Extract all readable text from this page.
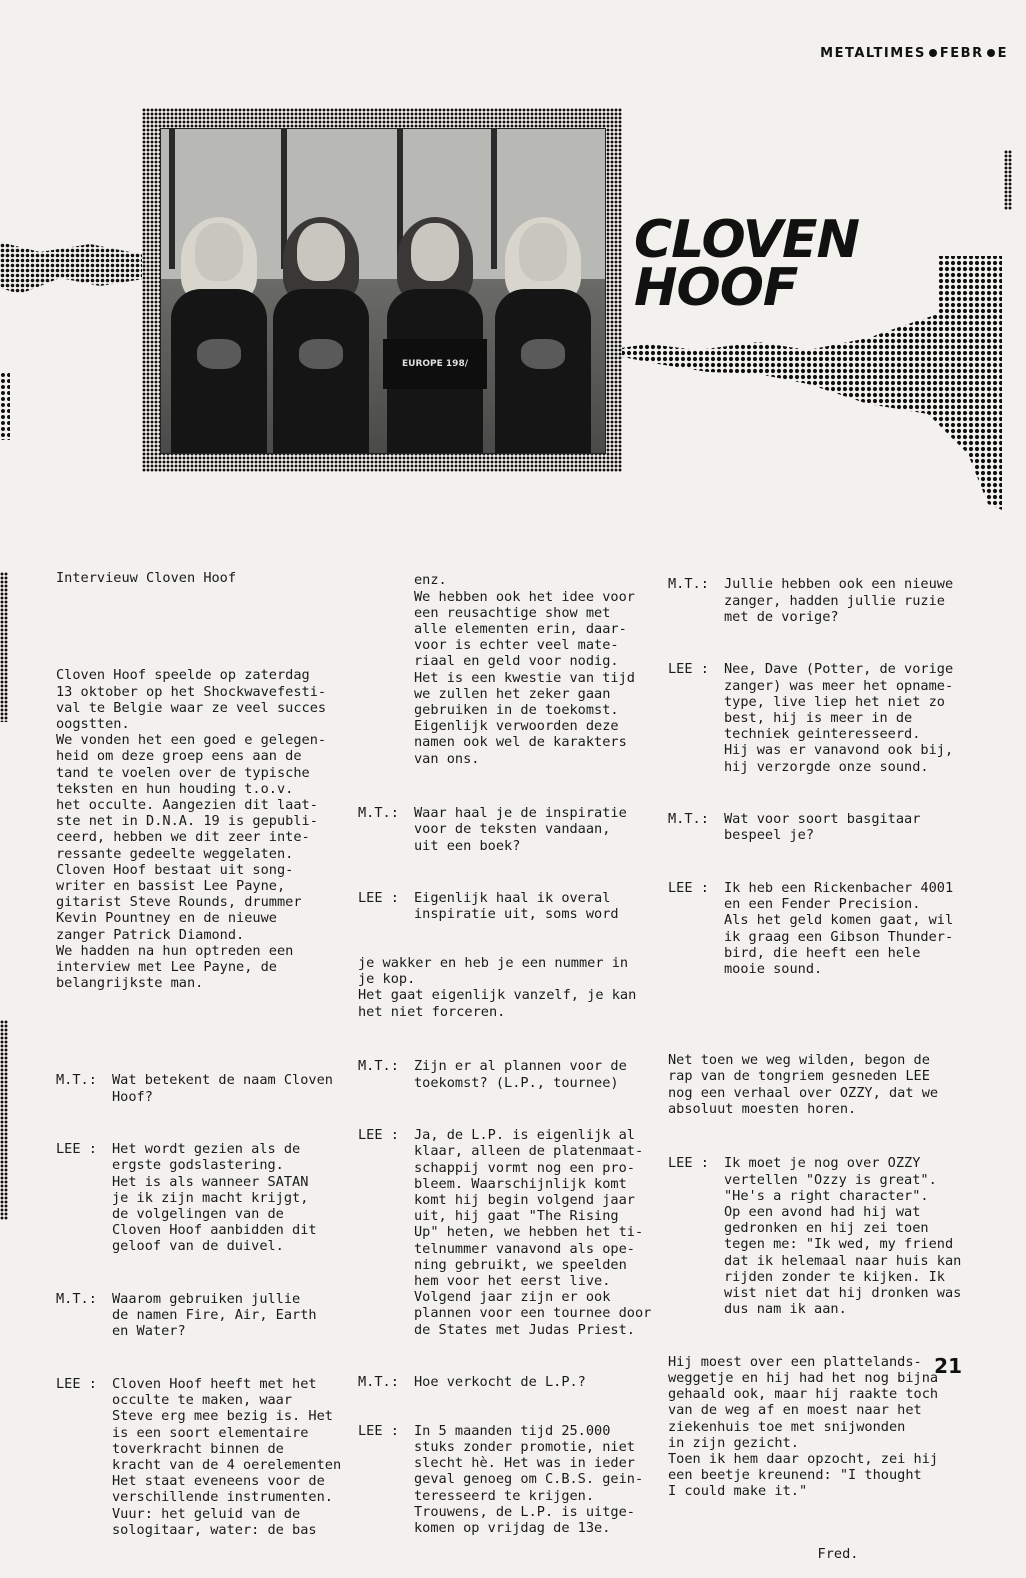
METALTIMES FEBR E
EUROPE 198/
CLOVEN
HOOF

Intervieuw Cloven Hoof

Cloven Hoof speelde op zaterdag
13 oktober op het Shockwavefesti-
val te Belgie waar ze veel succes
oogstten.
We vonden het een goed e gelegen-
heid om deze groep eens aan de
tand te voelen over de typische
teksten en hun houding t.o.v.
het occulte. Aangezien dit laat-
ste net in D.N.A. 19 is gepubli-
ceerd, hebben we dit zeer inte-
ressante gedeelte weggelaten.
Cloven Hoof bestaat uit song-
writer en bassist Lee Payne,
gitarist Steve Rounds, drummer
Kevin Pountney en de nieuwe
zanger Patrick Diamond.
We hadden na hun optreden een
interview met Lee Payne, de
belangrijkste man.

M.T.: Wat betekent de naam Cloven
Hoof?

LEE : Het wordt gezien als de
ergste godslastering.
Het is als wanneer SATAN
je ik zijn macht krijgt,
de volgelingen van de
Cloven Hoof aanbidden dit
geloof van de duivel.

M.T.: Waarom gebruiken jullie
de namen Fire, Air, Earth
en Water?

LEE : Cloven Hoof heeft met het
occulte te maken, waar
Steve erg mee bezig is. Het
is een soort elementaire
toverkracht binnen de
kracht van de 4 oerelementen
Het staat eveneens voor de
verschillende instrumenten.
Vuur: het geluid van de
sologitaar, water: de bas

enz.
We hebben ook het idee voor
een reusachtige show met
alle elementen erin, daar-
voor is echter veel mate-
riaal en geld voor nodig.
Het is een kwestie van tijd
we zullen het zeker gaan
gebruiken in de toekomst.
Eigenlijk verwoorden deze
namen ook wel de karakters
van ons.

M.T.: Waar haal je de inspiratie
voor de teksten vandaan,
uit een boek?

LEE : Eigenlijk haal ik overal
inspiratie uit, soms word

je wakker en heb je een nummer in
je kop.
Het gaat eigenlijk vanzelf, je kan
het niet forceren.

M.T.: Zijn er al plannen voor de
toekomst? (L.P., tournee)

LEE : Ja, de L.P. is eigenlijk al
klaar, alleen de platenmaat-
schappij vormt nog een pro-
bleem. Waarschijnlijk komt
komt hij begin volgend jaar
uit, hij gaat "The Rising
Up" heten, we hebben het ti-
telnummer vanavond als ope-
ning gebruikt, we speelden
hem voor het eerst live.
Volgend jaar zijn er ook
plannen voor een tournee door
de States met Judas Priest.

M.T.: Hoe verkocht de L.P.?

LEE : In 5 maanden tijd 25.000
stuks zonder promotie, niet
slecht hè. Het was in ieder
geval genoeg om C.B.S. gein-
teresseerd te krijgen.
Trouwens, de L.P. is uitge-
komen op vrijdag de 13e.

M.T.: Jullie hebben ook een nieuwe
zanger, hadden jullie ruzie
met de vorige?

LEE : Nee, Dave (Potter, de vorige
zanger) was meer het opname-
type, live liep het niet zo
best, hij is meer in de
techniek geinteresseerd.
Hij was er vanavond ook bij,
hij verzorgde onze sound.

M.T.: Wat voor soort basgitaar
bespeel je?

LEE : Ik heb een Rickenbacher 4001
en een Fender Precision.
Als het geld komen gaat, wil
ik graag een Gibson Thunder-
bird, die heeft een hele
mooie sound.

Net toen we weg wilden, begon de
rap van de tongriem gesneden LEE
nog een verhaal over OZZY, dat we
absoluut moesten horen.

LEE : Ik moet je nog over OZZY
vertellen "Ozzy is great".
"He's a right character".
Op een avond had hij wat
gedronken en hij zei toen
tegen me: "Ik wed, my friend
dat ik helemaal naar huis kan
rijden zonder te kijken. Ik
wist niet dat hij dronken was
dus nam ik aan.

Hij moest over een plattelands-
weggetje en hij had het nog bijna
gehaald ook, maar hij raakte toch
van de weg af en moest naar het
ziekenhuis toe met snijwonden
in zijn gezicht.
Toen ik hem daar opzocht, zei hij
een beetje kreunend: "I thought
I could make it."

Fred.

21
